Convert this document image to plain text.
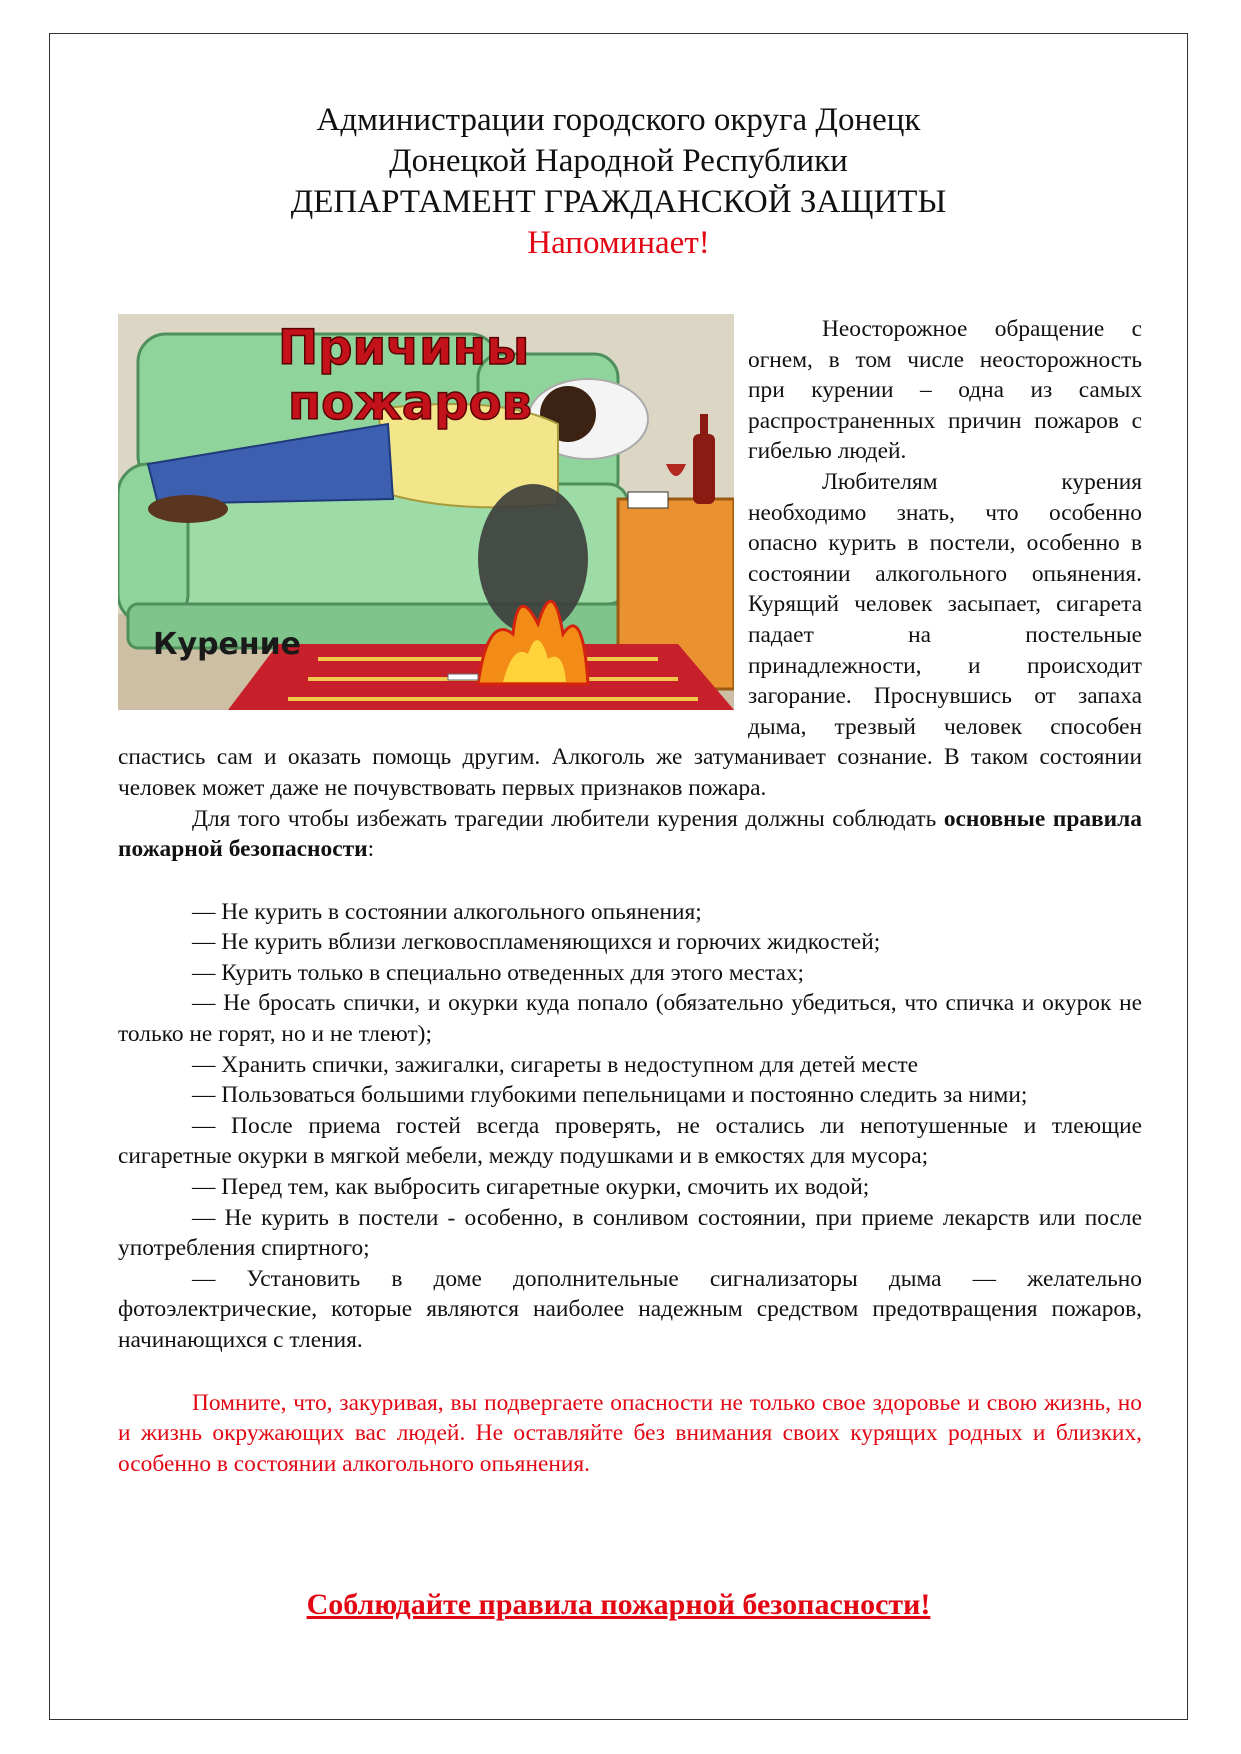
Администрации городского округа Донецк
Донецкой Народной Республики
ДЕПАРТАМЕНТ ГРАЖДАНСКОЙ ЗАЩИТЫ
Напоминает!
Причины
пожаров
Курение

Неосторожное обращение с огнем, в том числе неосторожность при курении – одна из самых распространенных причин пожаров с гибелью людей.

Любителям курения необходимо знать, что особенно опасно курить в постели, особенно в состоянии алкогольного опьянения. Курящий человек засыпает, сигарета падает на постельные принадлежности, и происходит загорание. Проснувшись от запаха дыма, трезвый человек способен спастись сам и оказать помощь другим. Алкоголь же затуманивает сознание. В таком состоянии человек может даже не почувствовать первых признаков пожара.

Для того чтобы избежать трагедии любители курения должны соблюдать основные правила пожарной безопасности:

— Не курить в состоянии алкогольного опьянения;

— Не курить вблизи легковоспламеняющихся и горючих жидкостей;

— Курить только в специально отведенных для этого местах;

— Не бросать спички, и окурки куда попало (обязательно убедиться, что спичка и окурок не только не горят, но и не тлеют);

— Хранить спички, зажигалки, сигареты в недоступном для детей месте

— Пользоваться большими глубокими пепельницами и постоянно следить за ними;

— После приема гостей всегда проверять, не остались ли непотушенные и тлеющие сигаретные окурки в мягкой мебели, между подушками и в емкостях для мусора;

— Перед тем, как выбросить сигаретные окурки, смочить их водой;

— Не курить в постели - особенно, в сонливом состоянии, при приеме лекарств или после употребления спиртного;

— Установить в доме дополнительные сигнализаторы дыма — желательно фотоэлектрические, которые являются наиболее надежным средством предотвращения пожаров, начинающихся с тления.

Помните, что, закуривая, вы подвергаете опасности не только свое здоровье и свою жизнь, но и жизнь окружающих вас людей. Не оставляйте без внимания своих курящих родных и близких, особенно в состоянии алкогольного опьянения.

Соблюдайте правила пожарной безопасности!
